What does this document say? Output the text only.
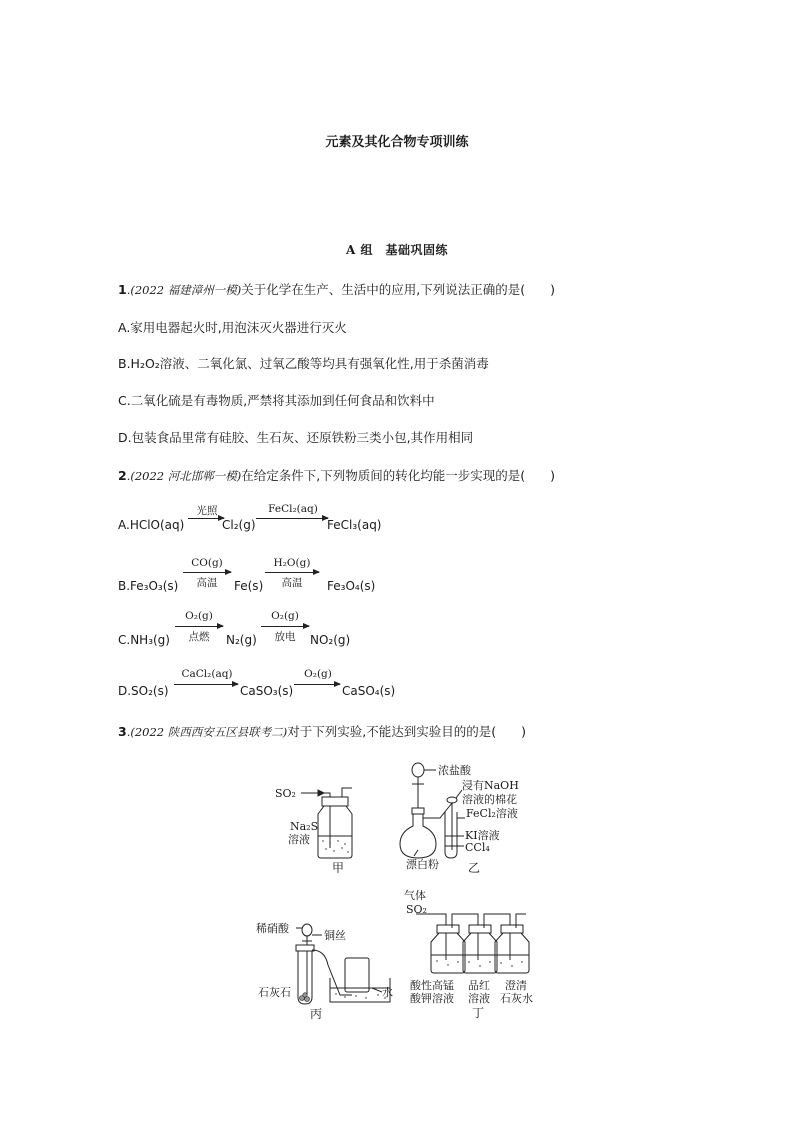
元素及其化合物专项训练
A 组　基础巩固练
1.(2022 福建漳州一模)关于化学在生产、生活中的应用,下列说法正确的是(　　)
A.家用电器起火时,用泡沫灭火器进行灭火
B.H₂O₂溶液、二氧化氯、过氧乙酸等均具有强氧化性,用于杀菌消毒
C.二氧化硫是有毒物质,严禁将其添加到任何食品和饮料中
D.包装食品里常有硅胶、生石灰、还原铁粉三类小包,其作用相同
2.(2022 河北邯郸一模)在给定条件下,下列物质间的转化均能一步实现的是(　　)
A.HClO(aq)
光照
Cl₂(g)
FeCl₂(aq)
FeCl₃(aq)
B.Fe₃O₃(s)
CO(g)
高温	Fe(s)
H₂O(g)
高温	Fe₃O₄(s)
C.NH₃(g)
O₂(g)
点燃	N₂(g)
O₂(g)
放电	NO₂(g)
D.SO₂(s)
CaCl₂(aq)
→ CaSO₃(s)
O₂(g)
→ CaSO₄(s)
3.(2022 陕西西安五区县联考二)对于下列实验,不能达到实验目的的是(　　)
SO₂
Na₂S
溶液
甲
浓盐酸
浸有NaOH
溶液的棉花
FeCl₂溶液
KI溶液
CCl₄
漂白粉 乙
稀硝酸
铜丝
石灰石	水
丙
气体
SO₂
酸性高锰
酸钾溶液
品红
溶液
澄清
石灰水
丁
